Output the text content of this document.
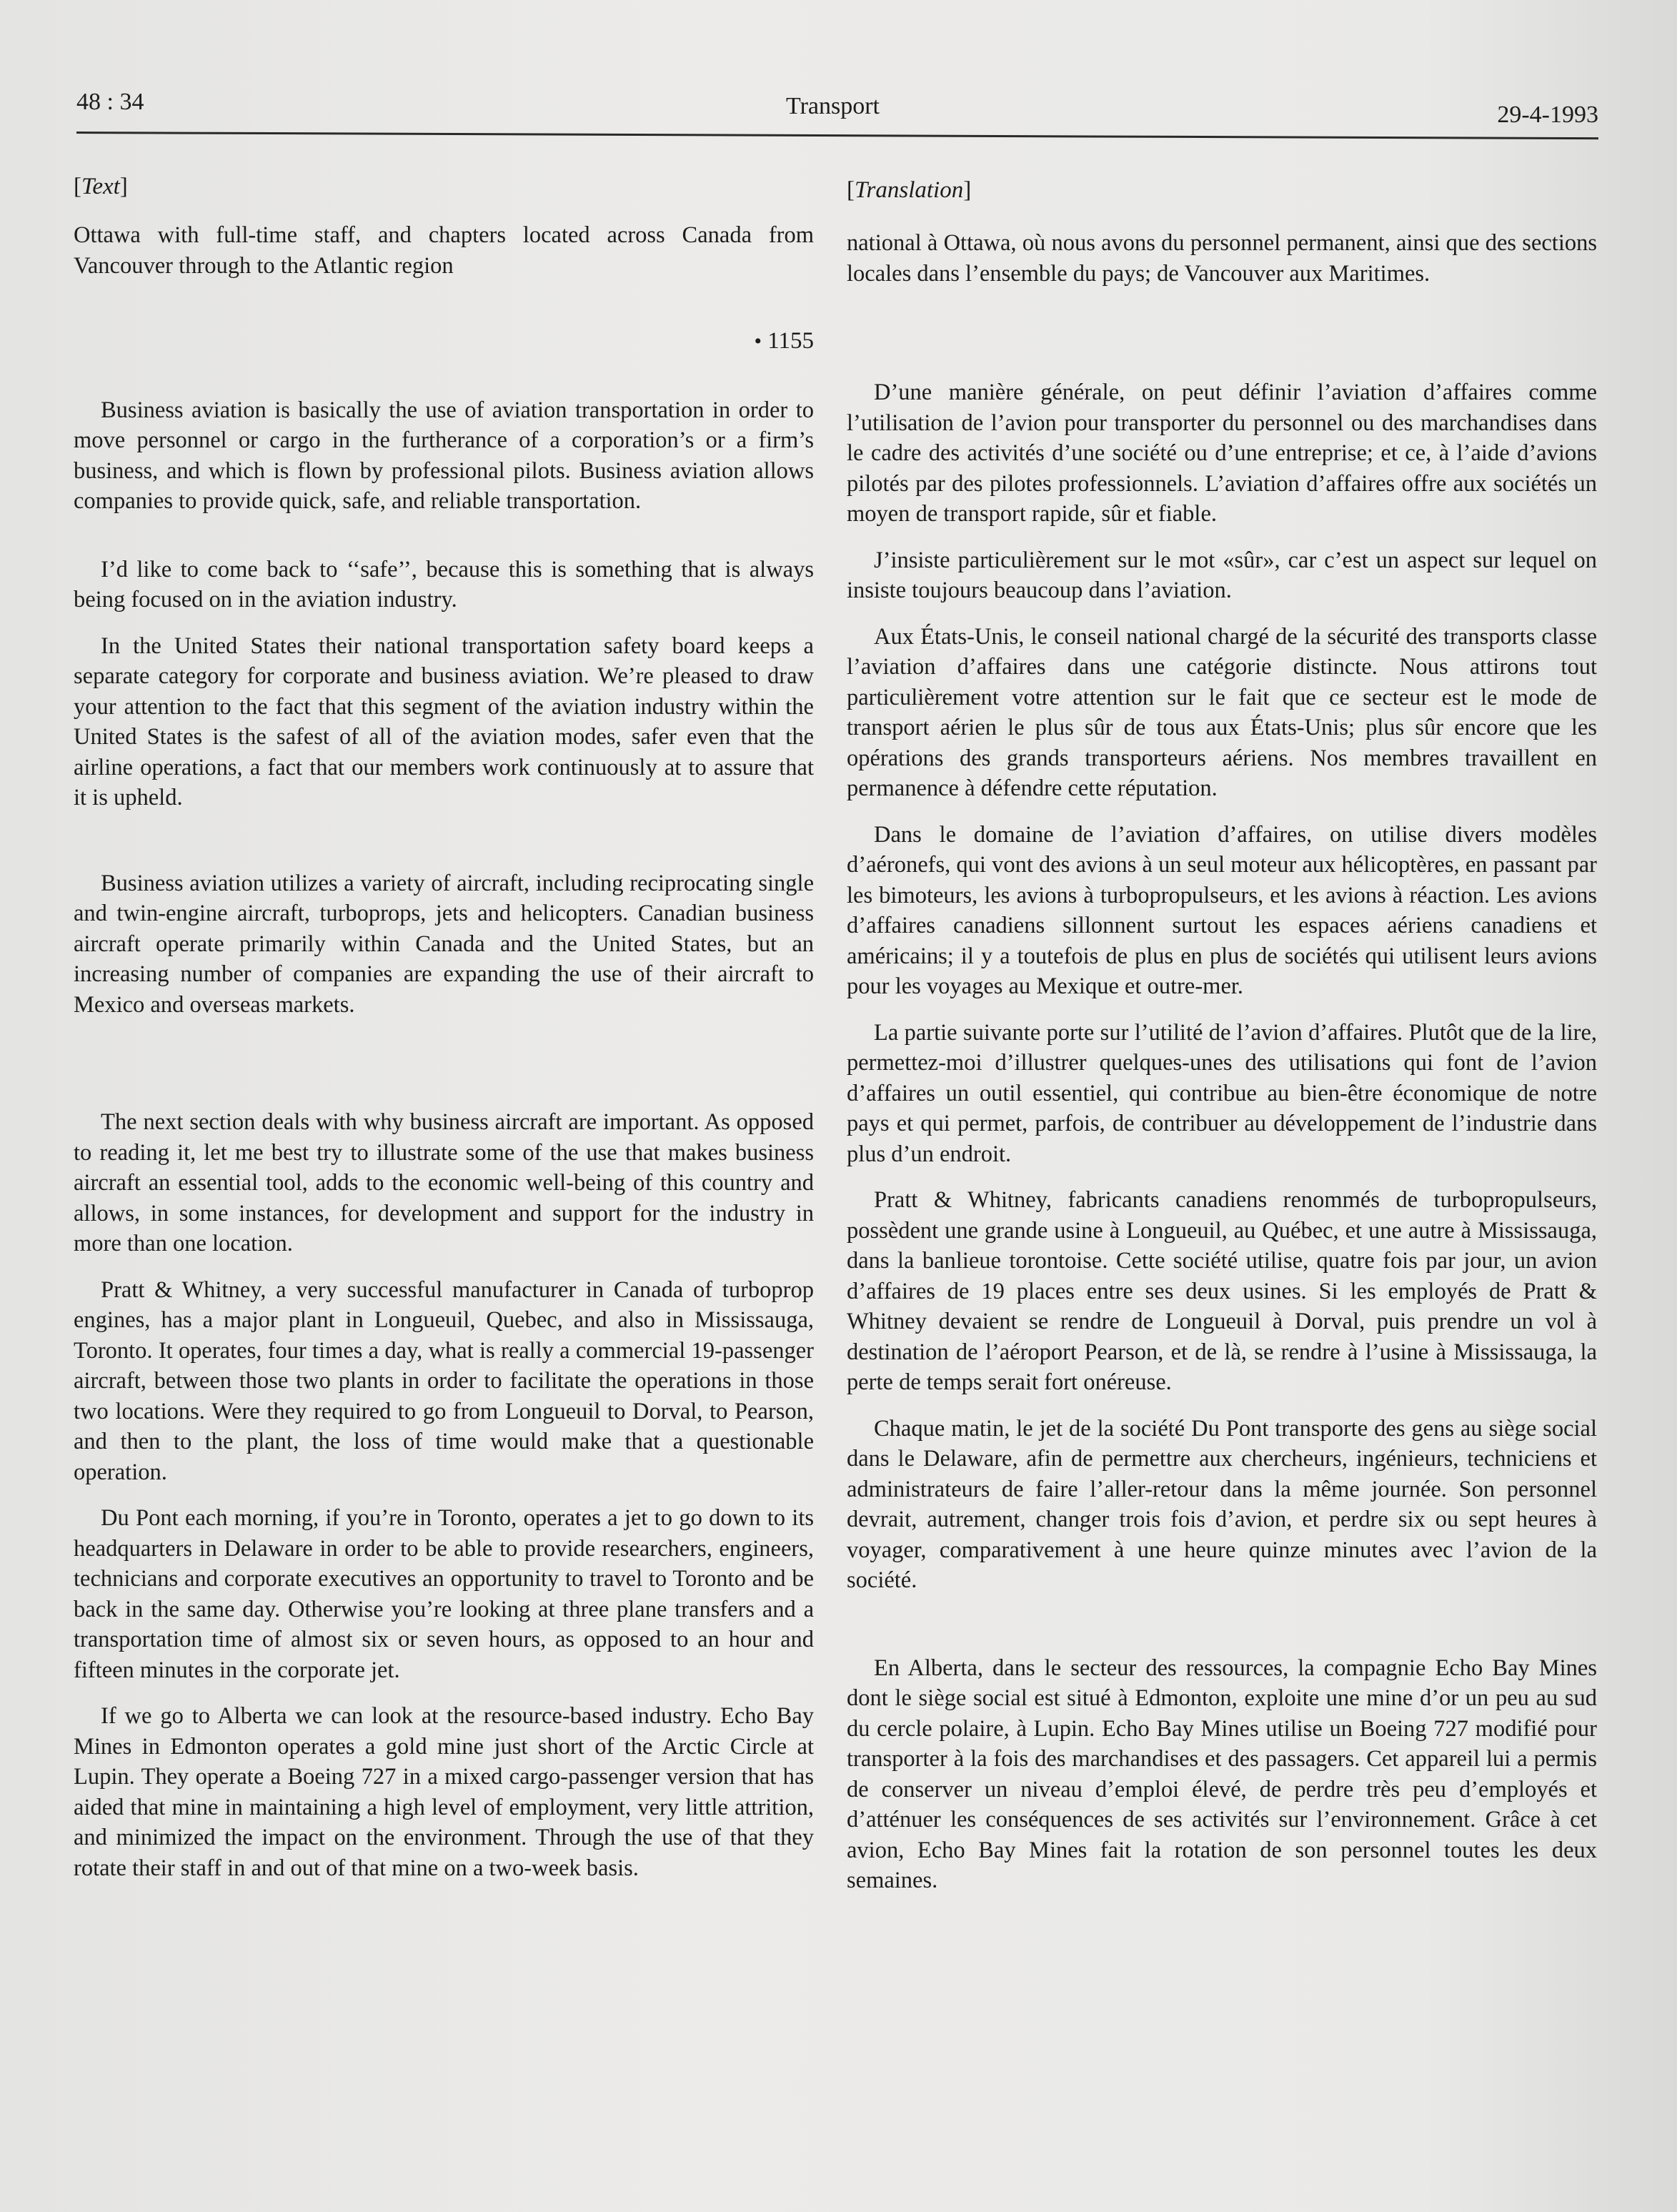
48 : 34	Transport	29-4-1993

[Text]

Ottawa with full-time staff, and chapters located across Canada from Vancouver through to the Atlantic region

• 1155

Business aviation is basically the use of aviation transportation in order to move personnel or cargo in the furtherance of a corporation’s or a firm’s business, and which is flown by professional pilots. Business aviation allows companies to provide quick, safe, and reliable transportation.

I’d like to come back to ‘‘safe’’, because this is something that is always being focused on in the aviation industry.

In the United States their national transportation safety board keeps a separate category for corporate and business aviation. We’re pleased to draw your attention to the fact that this segment of the aviation industry within the United States is the safest of all of the aviation modes, safer even that the airline operations, a fact that our members work continuously at to assure that it is upheld.

Business aviation utilizes a variety of aircraft, including reciprocating single and twin-engine aircraft, turboprops, jets and helicopters. Canadian business aircraft operate primarily within Canada and the United States, but an increasing number of companies are expanding the use of their aircraft to Mexico and overseas markets.

The next section deals with why business aircraft are important. As opposed to reading it, let me best try to illustrate some of the use that makes business aircraft an essential tool, adds to the economic well-being of this country and allows, in some instances, for development and support for the industry in more than one location.

Pratt & Whitney, a very successful manufacturer in Canada of turboprop engines, has a major plant in Longueuil, Quebec, and also in Mississauga, Toronto. It operates, four times a day, what is really a commercial 19-passenger aircraft, between those two plants in order to facilitate the operations in those two locations. Were they required to go from Longueuil to Dorval, to Pearson, and then to the plant, the loss of time would make that a questionable operation.

Du Pont each morning, if you’re in Toronto, operates a jet to go down to its headquarters in Delaware in order to be able to provide researchers, engineers, technicians and corporate executives an opportunity to travel to Toronto and be back in the same day. Otherwise you’re looking at three plane transfers and a transportation time of almost six or seven hours, as opposed to an hour and fifteen minutes in the corporate jet.

If we go to Alberta we can look at the resource-based industry. Echo Bay Mines in Edmonton operates a gold mine just short of the Arctic Circle at Lupin. They operate a Boeing 727 in a mixed cargo-passenger version that has aided that mine in maintaining a high level of employment, very little attrition, and minimized the impact on the environment. Through the use of that they rotate their staff in and out of that mine on a two-week basis.

[Translation]

national à Ottawa, où nous avons du personnel permanent, ainsi que des sections locales dans l’ensemble du pays; de Vancouver aux Maritimes.

D’une manière générale, on peut définir l’aviation d’affaires comme l’utilisation de l’avion pour transporter du personnel ou des marchandises dans le cadre des activités d’une société ou d’une entreprise; et ce, à l’aide d’avions pilotés par des pilotes professionnels. L’aviation d’affaires offre aux sociétés un moyen de transport rapide, sûr et fiable.

J’insiste particulièrement sur le mot «sûr», car c’est un aspect sur lequel on insiste toujours beaucoup dans l’aviation.

Aux États-Unis, le conseil national chargé de la sécurité des transports classe l’aviation d’affaires dans une catégorie distincte. Nous attirons tout particulièrement votre attention sur le fait que ce secteur est le mode de transport aérien le plus sûr de tous aux États-Unis; plus sûr encore que les opérations des grands transporteurs aériens. Nos membres travaillent en permanence à défendre cette réputation.

Dans le domaine de l’aviation d’affaires, on utilise divers modèles d’aéronefs, qui vont des avions à un seul moteur aux hélicoptères, en passant par les bimoteurs, les avions à turbopropulseurs, et les avions à réaction. Les avions d’affaires canadiens sillonnent surtout les espaces aériens canadiens et américains; il y a toutefois de plus en plus de sociétés qui utilisent leurs avions pour les voyages au Mexique et outre-mer.

La partie suivante porte sur l’utilité de l’avion d’affaires. Plutôt que de la lire, permettez-moi d’illustrer quelques-unes des utilisations qui font de l’avion d’affaires un outil essentiel, qui contribue au bien-être économique de notre pays et qui permet, parfois, de contribuer au développement de l’industrie dans plus d’un endroit.

Pratt & Whitney, fabricants canadiens renommés de turbopropulseurs, possèdent une grande usine à Longueuil, au Québec, et une autre à Mississauga, dans la banlieue torontoise. Cette société utilise, quatre fois par jour, un avion d’affaires de 19 places entre ses deux usines. Si les employés de Pratt & Whitney devaient se rendre de Longueuil à Dorval, puis prendre un vol à destination de l’aéroport Pearson, et de là, se rendre à l’usine à Mississauga, la perte de temps serait fort onéreuse.

Chaque matin, le jet de la société Du Pont transporte des gens au siège social dans le Delaware, afin de permettre aux chercheurs, ingénieurs, techniciens et administrateurs de faire l’aller-retour dans la même journée. Son personnel devrait, autrement, changer trois fois d’avion, et perdre six ou sept heures à voyager, comparativement à une heure quinze minutes avec l’avion de la société.

En Alberta, dans le secteur des ressources, la compagnie Echo Bay Mines dont le siège social est situé à Edmonton, exploite une mine d’or un peu au sud du cercle polaire, à Lupin. Echo Bay Mines utilise un Boeing 727 modifié pour transporter à la fois des marchandises et des passagers. Cet appareil lui a permis de conserver un niveau d’emploi élevé, de perdre très peu d’employés et d’atténuer les conséquences de ses activités sur l’environnement. Grâce à cet avion, Echo Bay Mines fait la rotation de son personnel toutes les deux semaines.
